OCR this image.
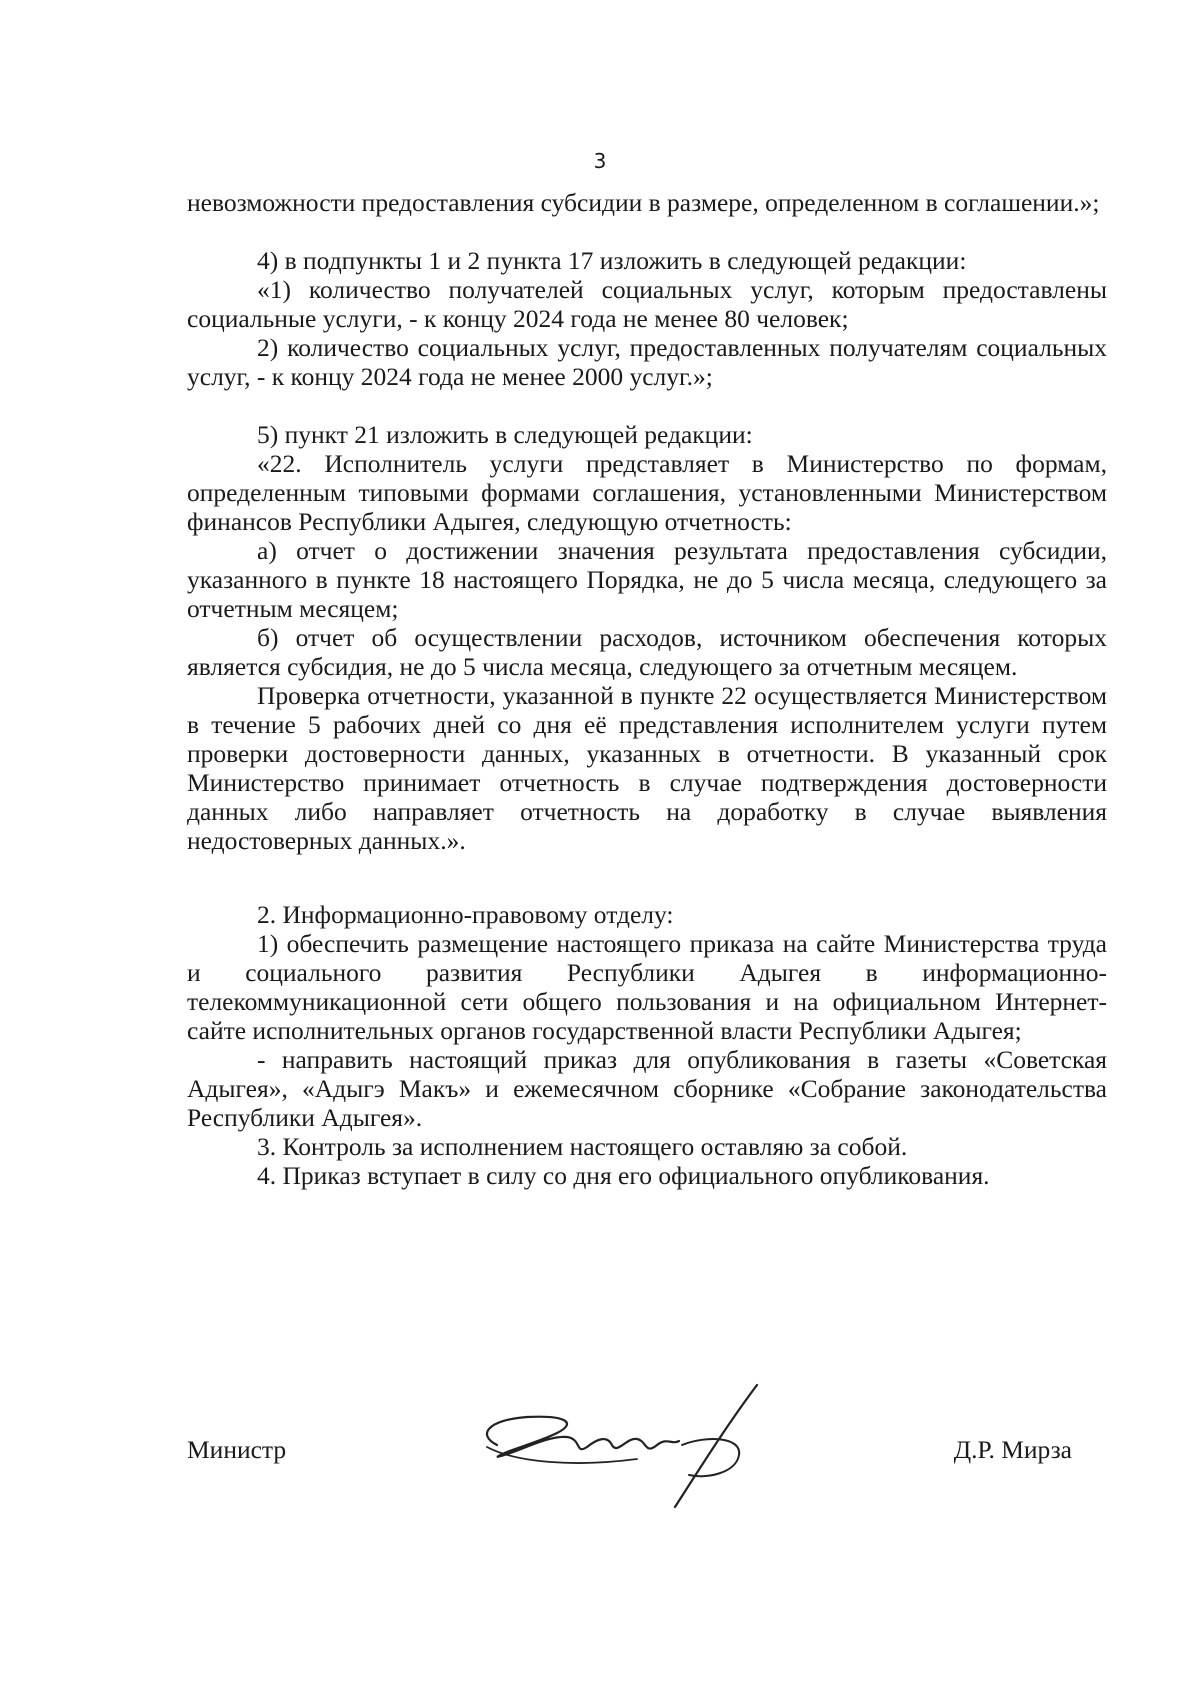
3

невозможности предоставления субсидии в размере, определенном в соглашении.»;

4) в подпункты 1 и 2 пункта 17 изложить в следующей редакции:

«1) количество получателей социальных услуг, которым предоставлены социальные услуги, - к концу 2024 года не менее 80 человек;

2) количество социальных услуг, предоставленных получателям социальных услуг, - к концу 2024 года не менее 2000 услуг.»;

5) пункт 21 изложить в следующей редакции:

«22. Исполнитель услуги представляет в Министерство по формам, определенным типовыми формами соглашения, установленными Министерством финансов Республики Адыгея, следующую отчетность:

а) отчет о достижении значения результата предоставления субсидии, указанного в пункте 18 настоящего Порядка, не до 5 числа месяца, следующего за отчетным месяцем;

б) отчет об осуществлении расходов, источником обеспечения которых является субсидия, не до 5 числа месяца, следующего за отчетным месяцем.

Проверка отчетности, указанной в пункте 22 осуществляется Министерством в течение 5 рабочих дней со дня её представления исполнителем услуги путем проверки достоверности данных, указанных в отчетности. В указанный срок Министерство принимает отчетность в случае подтверждения достоверности данных либо направляет отчетность на доработку в случае выявления недостоверных данных.».

2. Информационно-правовому отделу:

1) обеспечить размещение настоящего приказа на сайте Министерства труда и социального развития Республики Адыгея в информационно-телекоммуникационной сети общего пользования и на официальном Интернет-сайте исполнительных органов государственной власти Республики Адыгея;

- направить настоящий приказ для опубликования в газеты «Советская Адыгея», «Адыгэ Макъ» и ежемесячном сборнике «Собрание законодательства Республики Адыгея».

3. Контроль за исполнением настоящего оставляю за собой.

4. Приказ вступает в силу со дня его официального опубликования.

Министр	Д.Р. Мирза
